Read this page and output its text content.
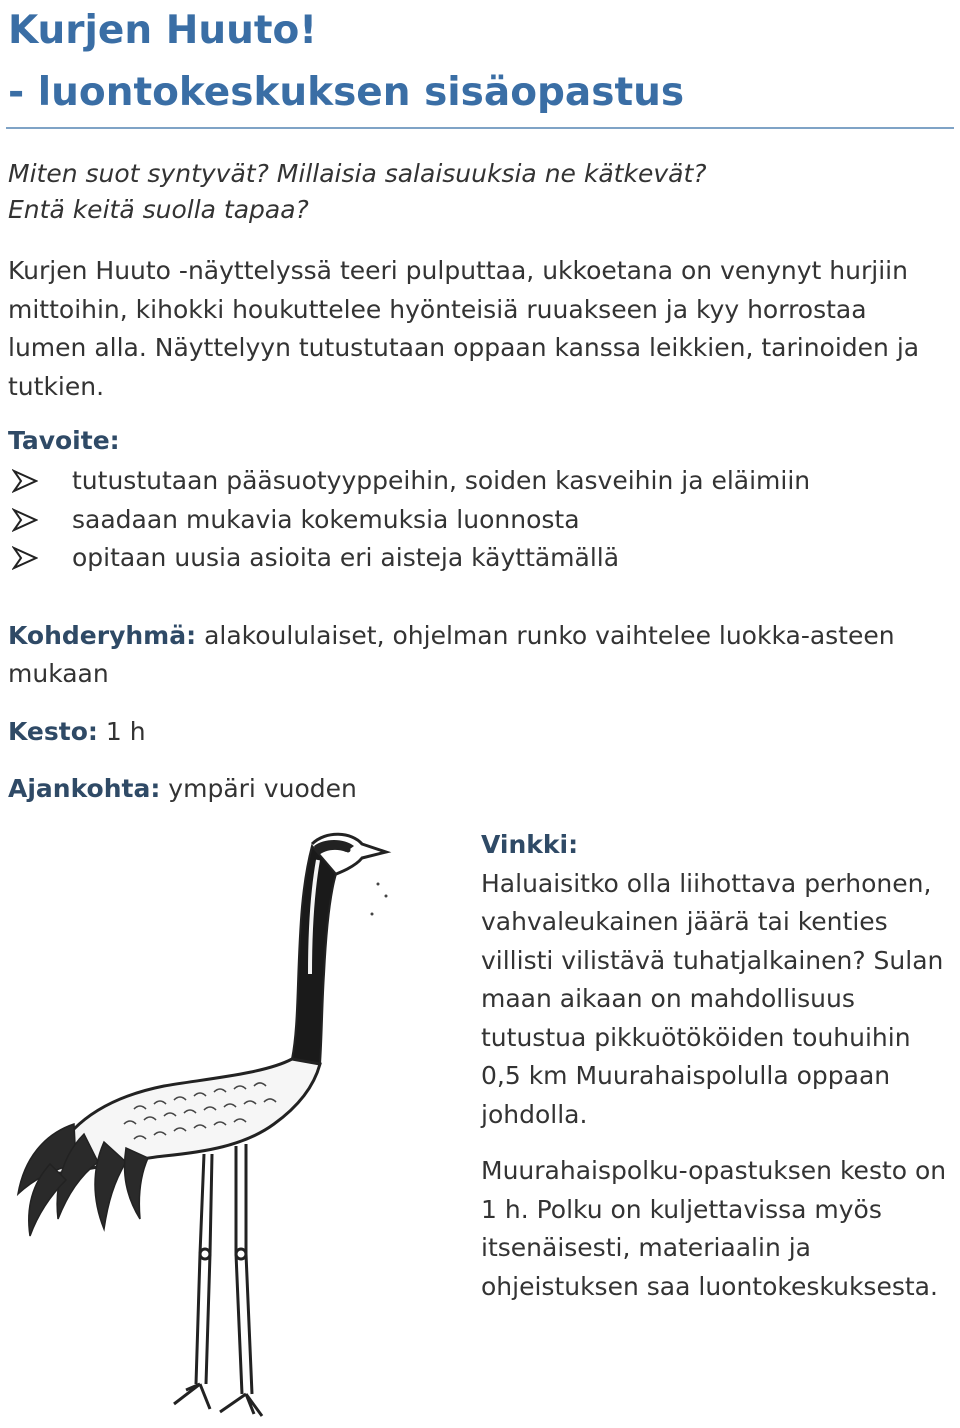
Kurjen Huuto!
- luontokeskuksen sisäopastus
Miten suot syntyvät? Millaisia salaisuuksia ne kätkevät?
Entä keitä suolla tapaa?

Kurjen Huuto -näyttelyssä teeri pulputtaa, ukkoetana on venynyt hurjiin mittoihin, kihokki houkuttelee hyönteisiä ruuakseen ja kyy horrostaa lumen alla. Näyttelyyn tutustutaan oppaan kanssa leikkien, tarinoiden ja tutkien.

Tavoite:
tutustutaan pääsuotyyppeihin, soiden kasveihin ja eläimiin
saadaan mukavia kokemuksia luonnosta
opitaan uusia asioita eri aisteja käyttämällä
Kohderyhmä: alakoululaiset, ohjelman runko vaihtelee luokka-asteen mukaan
Kesto: 1 h
Ajankohta: ympäri vuoden

Vinkki:

Haluaisitko olla liihottava perhonen, vahvaleukainen jäärä tai kenties villisti vilistävä tuhatjalkainen? Sulan maan aikaan on mahdollisuus tutustua pikkuötököiden touhuihin 0,5 km Muurahaispolulla oppaan johdolla.

Muurahaispolku-opastuksen kesto on 1 h. Polku on kuljettavissa myös itsenäisesti, materiaalin ja ohjeistuksen saa luontokeskuksesta.
